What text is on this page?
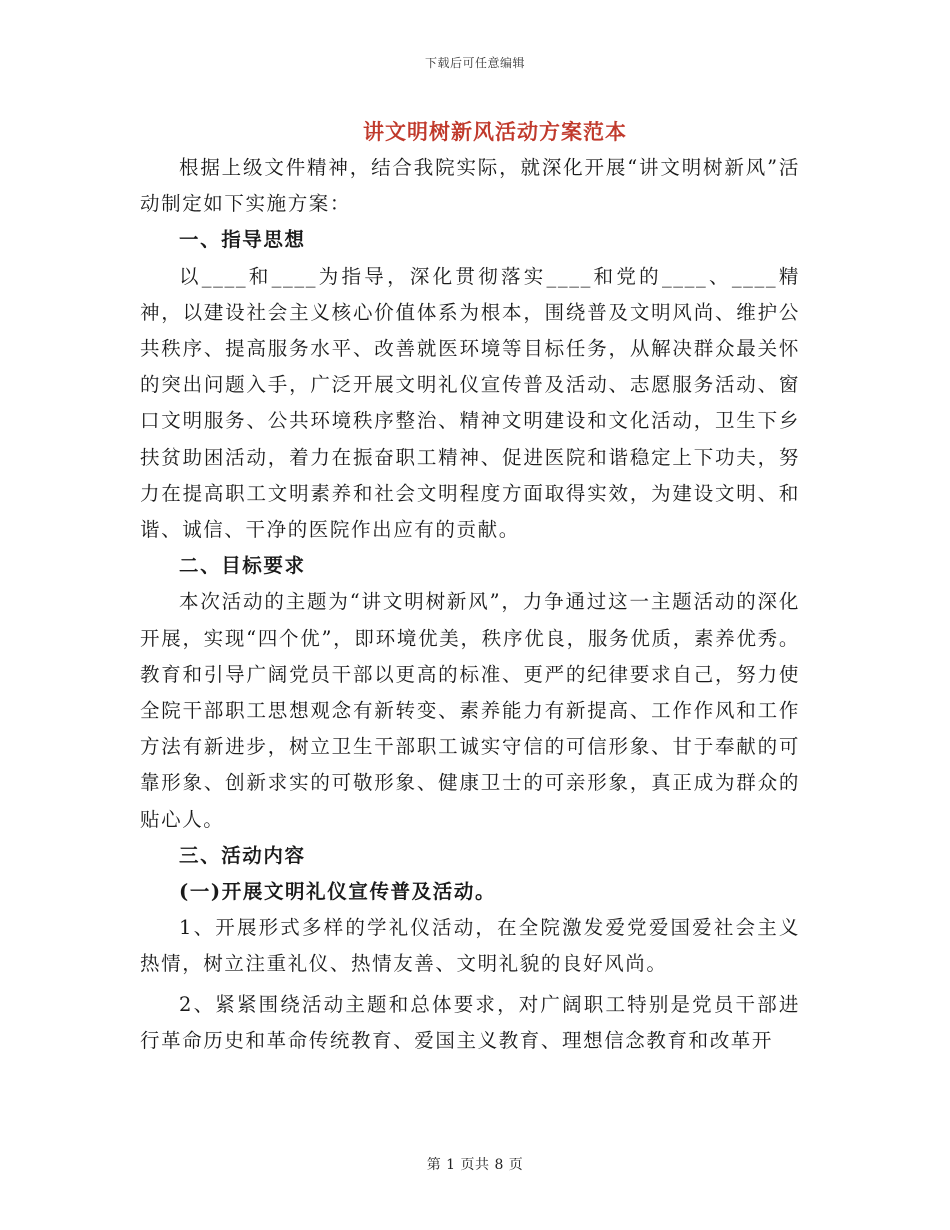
下载后可任意编辑
讲文明树新风活动方案范本

根据上级文件精神，结合我院实际，就深化开展“讲文明树新风”活动制定如下实施方案：

一、指导思想

以____和____为指导，深化贯彻落实____和党的____、____精神，以建设社会主义核心价值体系为根本，围绕普及文明风尚、维护公共秩序、提高服务水平、改善就医环境等目标任务，从解决群众最关怀的突出问题入手，广泛开展文明礼仪宣传普及活动、志愿服务活动、窗口文明服务、公共环境秩序整治、精神文明建设和文化活动，卫生下乡扶贫助困活动，着力在振奋职工精神、促进医院和谐稳定上下功夫，努力在提高职工文明素养和社会文明程度方面取得实效，为建设文明、和谐、诚信、干净的医院作出应有的贡献。

二、目标要求

本次活动的主题为“讲文明树新风”，力争通过这一主题活动的深化开展，实现“四个优”，即环境优美，秩序优良，服务优质，素养优秀。教育和引导广阔党员干部以更高的标准、更严的纪律要求自己，努力使全院干部职工思想观念有新转变、素养能力有新提高、工作作风和工作方法有新进步，树立卫生干部职工诚实守信的可信形象、甘于奉献的可靠形象、创新求实的可敬形象、健康卫士的可亲形象，真正成为群众的贴心人。

三、活动内容

(一)开展文明礼仪宣传普及活动。

1、开展形式多样的学礼仪活动，在全院激发爱党爱国爱社会主义热情，树立注重礼仪、热情友善、文明礼貌的良好风尚。

2、紧紧围绕活动主题和总体要求，对广阔职工特别是党员干部进行革命历史和革命传统教育、爱国主义教育、理想信念教育和改革开

第 1 页共 8 页
